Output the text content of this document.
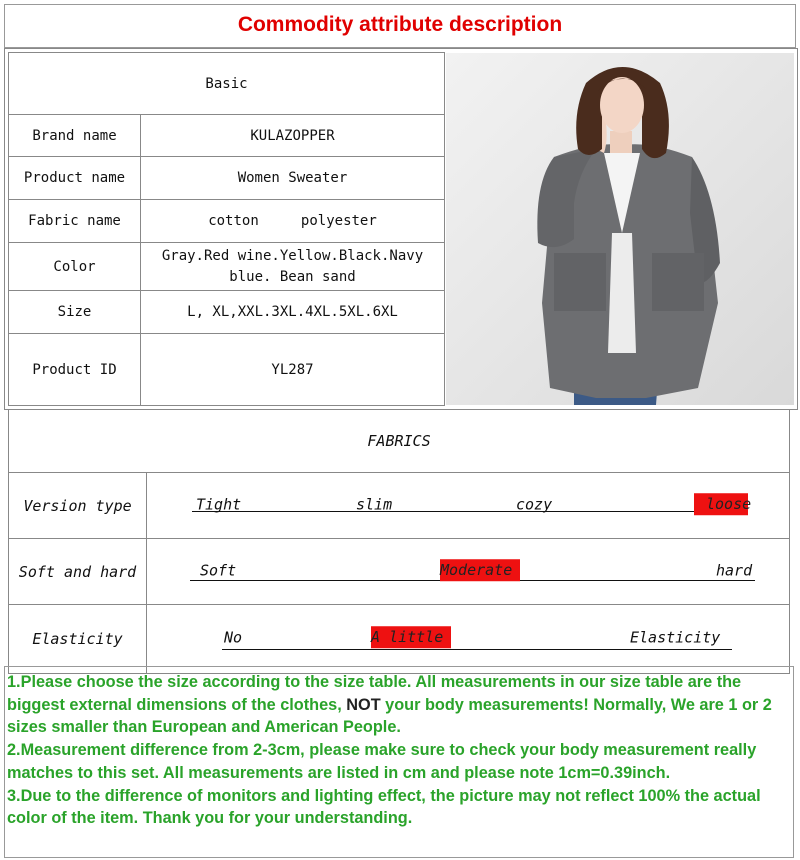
Commodity attribute description
Basic	
Brand name	KULAZOPPER
Product name	Women Sweater
Fabric name	cotton     polyester
Color	Gray.Red wine.Yellow.Black.Navy blue. Bean sand
Size	L, XL,XXL.3XL.4XL.5XL.6XL
Product ID	YL287
FABRICS	
Version type	Tight slim cozy loose

Soft and hard	Soft Moderate hard

Elasticity	No A little Elasticity

1.Please choose the size according to the size table. All measurements in our size table are the biggest external dimensions of the clothes, NOT your body measurements! Normally, We are 1 or 2 sizes smaller than European and American People.

2.Measurement difference from 2-3cm, please make sure to check your body measurement really matches to this set. All measurements are listed in cm and please note 1cm=0.39inch.

3.Due to the difference of monitors and lighting effect, the picture may not reflect 100% the actual color of the item. Thank you for your understanding.
